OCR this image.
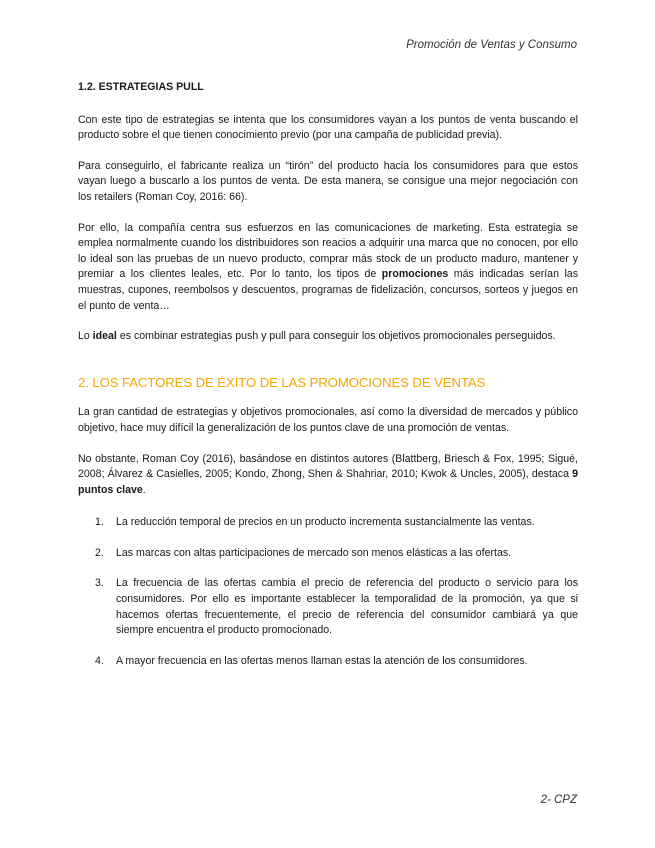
Promoción de Ventas y Consumo

1.2. ESTRATEGIAS PULL

Con este tipo de estrategias se intenta que los consumidores vayan a los puntos de venta buscando el producto sobre el que tienen conocimiento previo (por una campaña de publicidad previa).

Para conseguirlo, el fabricante realiza un “tirón” del producto hacia los consumidores para que estos vayan luego a buscarlo a los puntos de venta. De esta manera, se consigue una mejor negociación con los retailers (Roman Coy, 2016: 66).

Por ello, la compañía centra sus esfuerzos en las comunicaciones de marketing. Esta estrategia se emplea normalmente cuando los distribuidores son reacios a adquirir una marca que no conocen, por ello lo ideal son las pruebas de un nuevo producto, comprar más stock de un producto maduro, mantener y premiar a los clientes leales, etc. Por lo tanto, los tipos de promociones más indicadas serían las muestras, cupones, reembolsos y descuentos, programas de fidelización, concursos, sorteos y juegos en el punto de venta…

Lo ideal es combinar estrategias push y pull para conseguir los objetivos promocionales perseguidos.

2. LOS FACTORES DE ÉXITO DE LAS PROMOCIONES DE VENTAS

La gran cantidad de estrategias y objetivos promocionales, así como la diversidad de mercados y público objetivo, hace muy difícil la generalización de los puntos clave de una promoción de ventas.

No obstante, Roman Coy (2016), basándose en distintos autores (Blattberg, Briesch & Fox, 1995; Sigué, 2008; Álvarez & Casielles, 2005; Kondo, Zhong, Shen & Shahriar, 2010; Kwok & Uncles, 2005), destaca 9 puntos clave.

1. La reducción temporal de precios en un producto incrementa sustancialmente las ventas.
2. Las marcas con altas participaciones de mercado son menos elásticas a las ofertas.
3. La frecuencia de las ofertas cambia el precio de referencia del producto o servicio para los consumidores. Por ello es importante establecer la temporalidad de la promoción, ya que si hacemos ofertas frecuentemente, el precio de referencia del consumidor cambiará ya que siempre encuentra el producto promocionado.
4. A mayor frecuencia en las ofertas menos llaman estas la atención de los consumidores.
2- CPZ
